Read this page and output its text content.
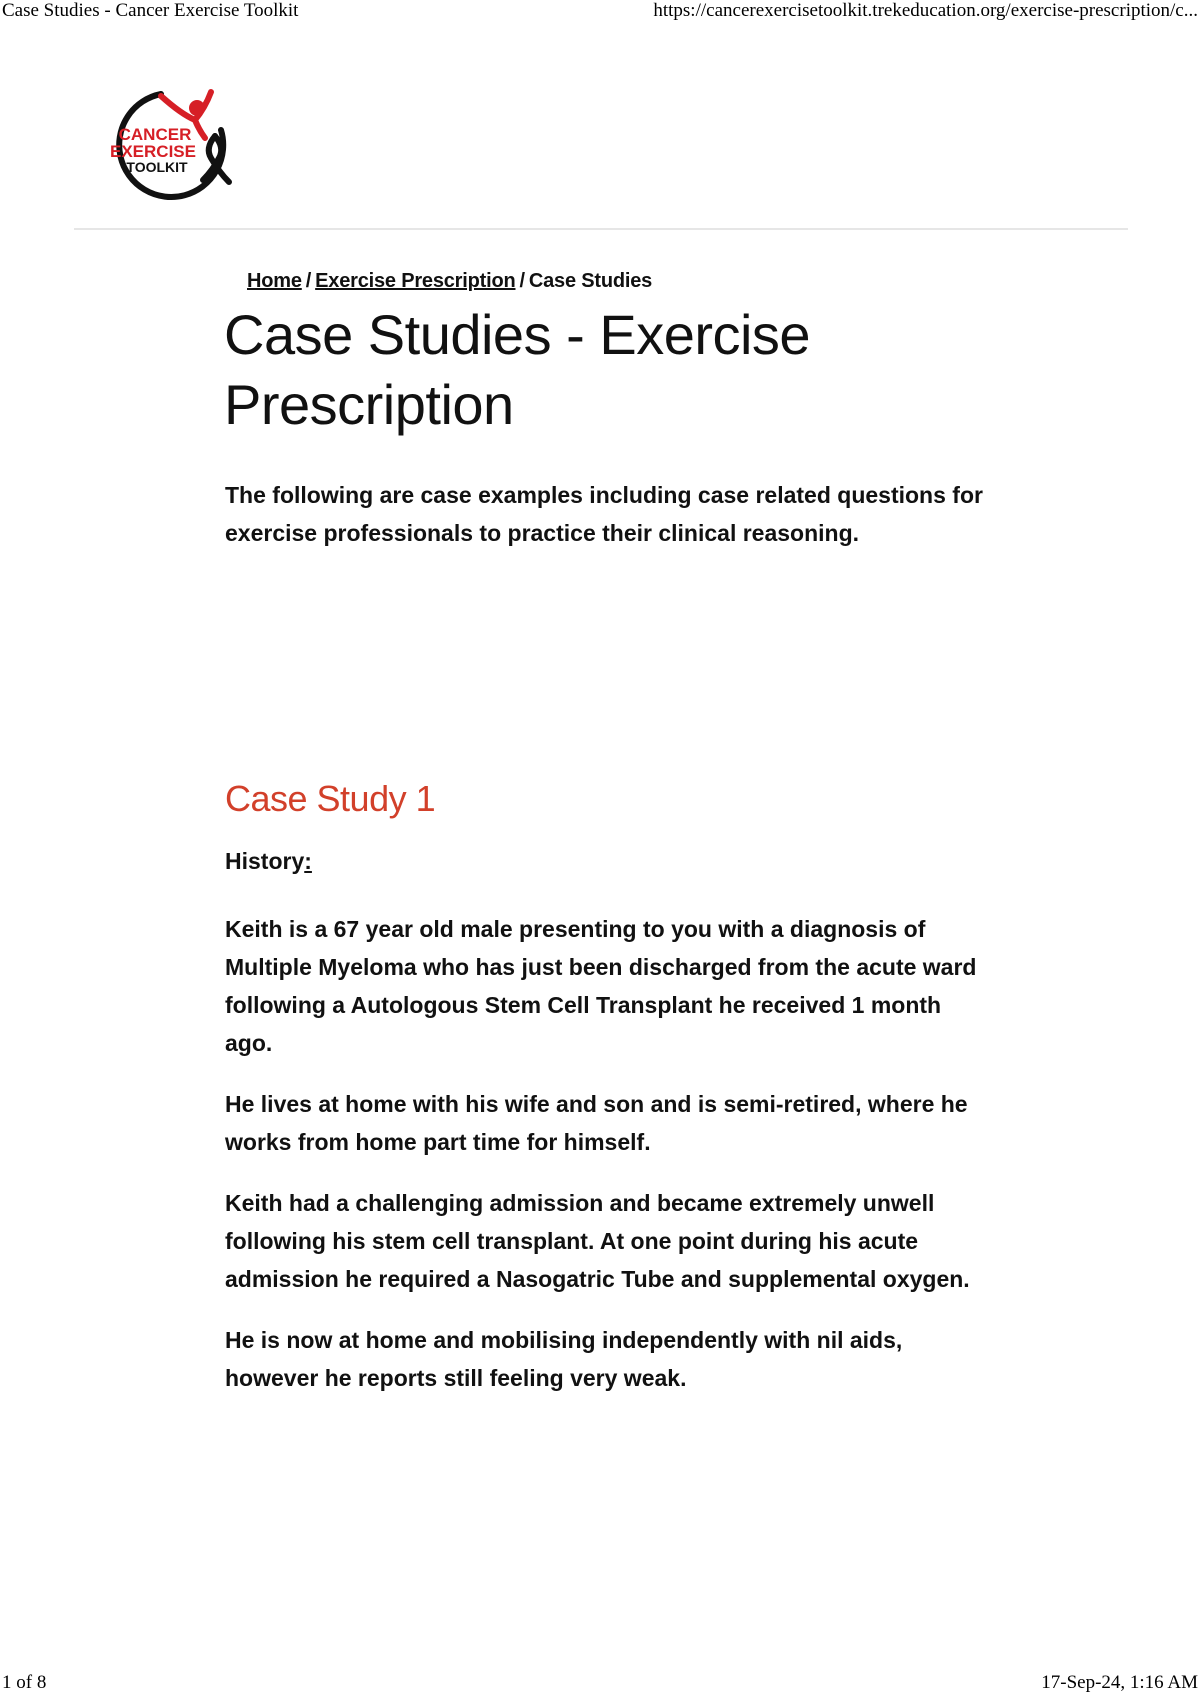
Case Studies - Cancer Exercise Toolkit	https://cancerexercisetoolkit.trekeducation.org/exercise-prescription/c...
CANCER
EXERCISE
TOOLKIT
Home / Exercise Prescription / Case Studies
Case Studies - Exercise Prescription

The following are case examples including case related questions for exercise professionals to practice their clinical reasoning.

Case Study 1
History:

Keith is a 67 year old male presenting to you with a diagnosis of Multiple Myeloma who has just been discharged from the acute ward following a Autologous Stem Cell Transplant he received 1 month ago.

He lives at home with his wife and son and is semi-retired, where he works from home part time for himself.

Keith had a challenging admission and became extremely unwell following his stem cell transplant. At one point during his acute admission he required a Nasogatric Tube and supplemental oxygen.

He is now at home and mobilising independently with nil aids, however he reports still feeling very weak.

1 of 8	17-Sep-24, 1:16 AM
